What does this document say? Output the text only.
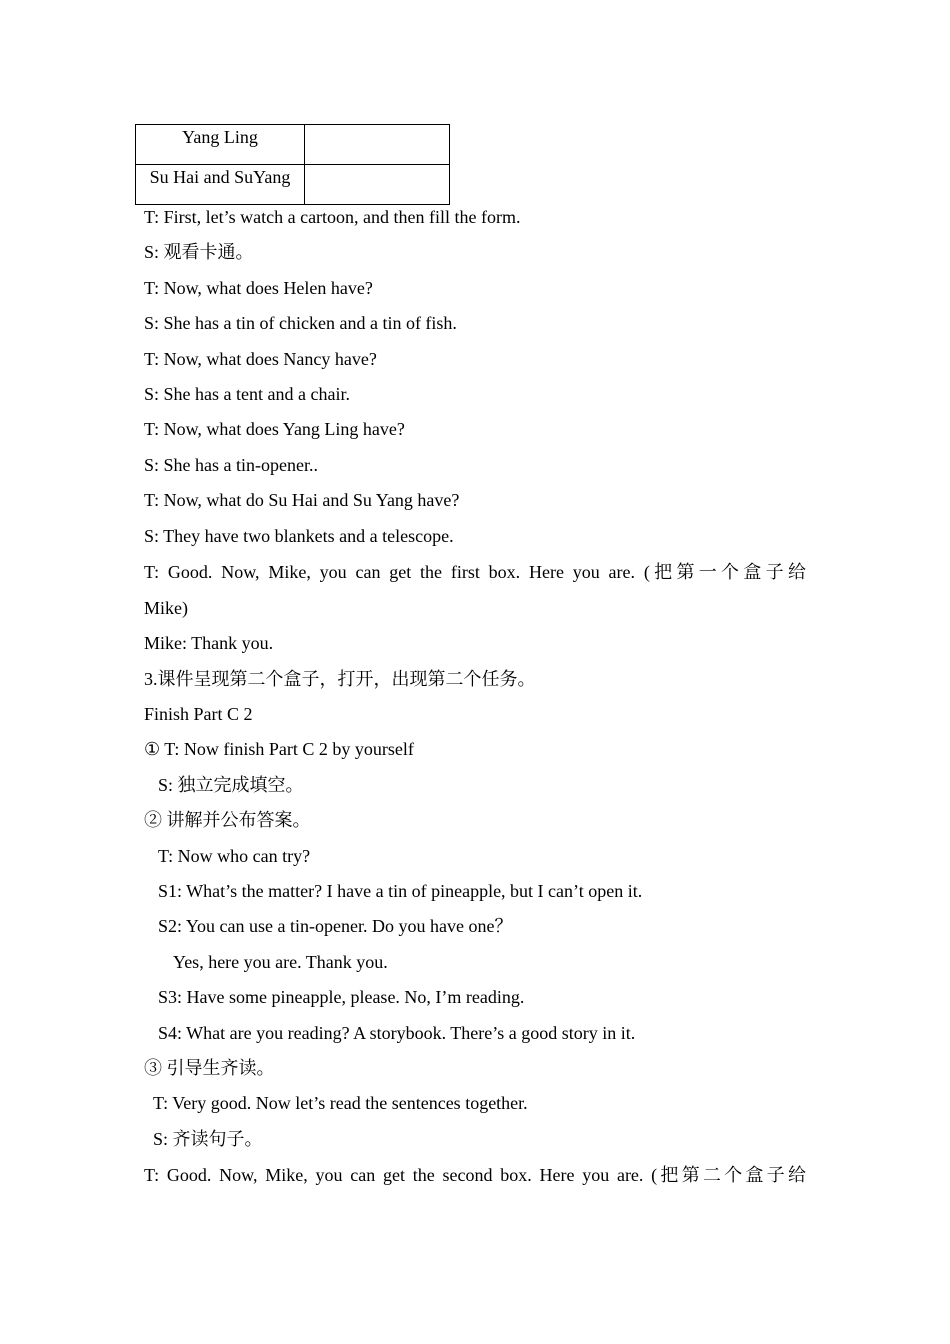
Yang Ling	
Su Hai and SuYang	
T: First, let’s watch a cartoon, and then fill the form.
S: 观看卡通。
T: Now, what does Helen have?
S: She has a tin of chicken and a tin of fish.
T: Now, what does Nancy have?
S: She has a tent and a chair.
T: Now, what does Yang Ling have?
S: She has a tin-opener..
T: Now, what do Su Hai and Su Yang have?
S: They have two blankets and a telescope.
T: Good. Now, Mike, you can get the first box. Here you are. (把第一个盒子给
Mike)
Mike: Thank you.
3.课件呈现第二个盒子，打开，出现第二个任务。
Finish Part C 2
① T: Now finish Part C 2 by yourself
S: 独立完成填空。
② 讲解并公布答案。
T: Now who can try?
S1: What’s the matter? I have a tin of pineapple, but I can’t open it.
S2: You can use a tin-opener. Do you have one？
Yes, here you are. Thank you.
S3: Have some pineapple, please. No, I’m reading.
S4: What are you reading? A storybook. There’s a good story in it.
③ 引导生齐读。
T: Very good. Now let’s read the sentences together.
S: 齐读句子。
T: Good. Now, Mike, you can get the second box. Here you are. (把第二个盒子给
